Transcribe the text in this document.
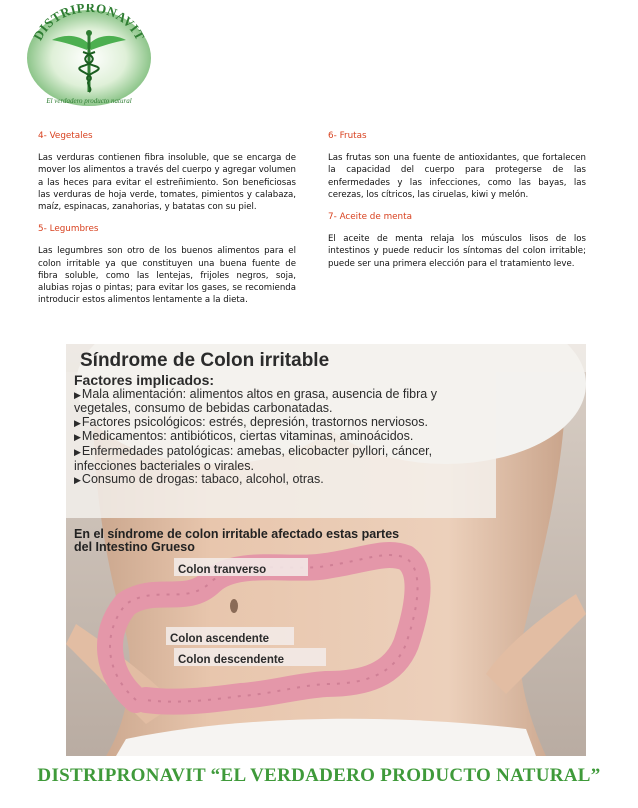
DISTRIPRONAVIT
El verdadero producto natural
4- Vegetales

Las verduras contienen fibra insoluble, que se encarga de mover los alimentos a través del cuerpo y agregar volumen a las heces para evitar el estreñimiento. Son beneficiosas las verduras de hoja verde, tomates, pimientos y calabaza, maíz, espinacas, zanahorias, y batatas con su piel.

5- Legumbres

Las legumbres son otro de los buenos alimentos para el colon irritable ya que constituyen una buena fuente de fibra soluble, como las lentejas, frijoles negros, soja, alubias rojas o pintas; para evitar los gases, se recomienda introducir estos alimentos lentamente a la dieta.

6- Frutas

Las frutas son una fuente de antioxidantes, que fortalecen la capacidad del cuerpo para protegerse de las enfermedades y las infecciones, como las bayas, las cerezas, los cítricos, las ciruelas, kiwi y melón.

7- Aceite de menta

El aceite de menta relaja los músculos lisos de los intestinos y puede reducir los síntomas del colon irritable; puede ser una primera elección para el tratamiento leve.

Síndrome de Colon irritable
Factores implicados:
▶ Mala alimentación: alimentos altos en grasa, ausencia de fibra y vegetales, consumo de bebidas carbonatadas.
▶ Factores psicológicos: estrés, depresión, trastornos nerviosos.
▶ Medicamentos: antibióticos, ciertas vitaminas, aminoácidos.
▶ Enfermedades patológicas: amebas, elicobacter pyllori, cáncer, infecciones bacteriales o virales.
▶ Consumo de drogas: tabaco, alcohol, otras.
En el síndrome de colon irritable afectado estas partes del Intestino Grueso
Colon tranverso
Colon ascendente
Colon descendente
DISTRIPRONAVIT “EL VERDADERO PRODUCTO NATURAL”
